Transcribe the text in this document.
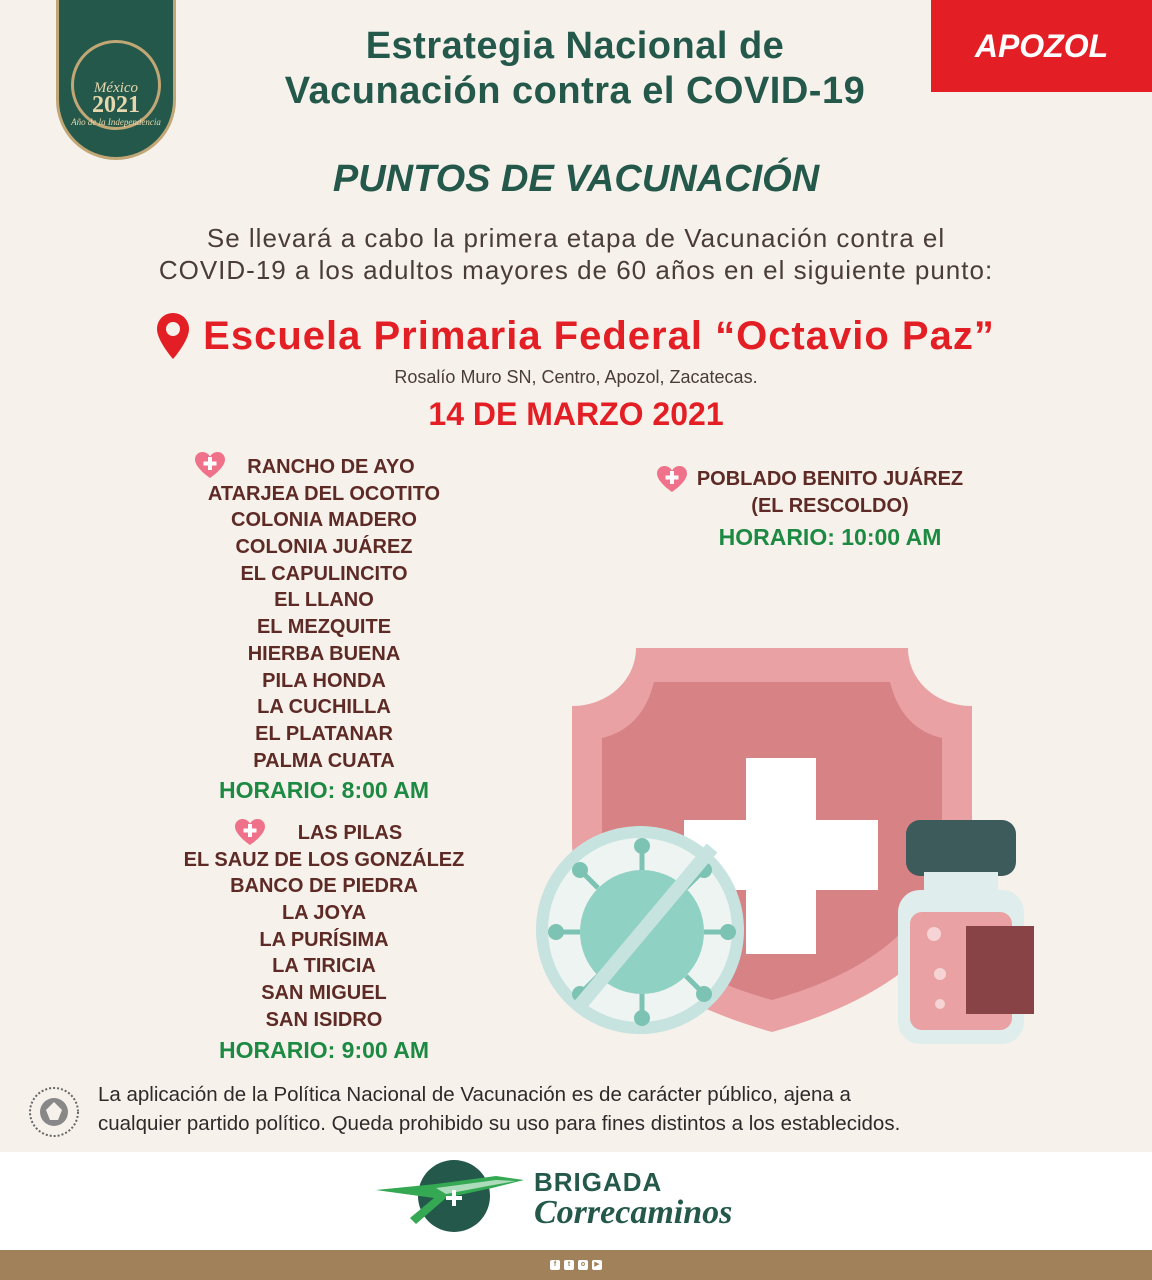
México
2021
Año de la Independencia
Estrategia Nacional de
Vacunación contra el COVID-19
APOZOL
PUNTOS DE VACUNACIÓN
Se llevará a cabo la primera etapa de Vacunación contra el
COVID-19 a los adultos mayores de 60 años en el siguiente punto:
Escuela Primaria Federal “Octavio Paz”
Rosalío Muro SN, Centro, Apozol, Zacatecas.
14 DE MARZO 2021
RANCHO DE AYO
ATARJEA DEL OCOTITO
COLONIA MADERO
COLONIA JUÁREZ
EL CAPULINCITO
EL LLANO
EL MEZQUITE
HIERBA BUENA
PILA HONDA
LA CUCHILLA
EL PLATANAR
PALMA CUATA
HORARIO: 8:00 AM
LAS PILAS
EL SAUZ DE LOS GONZÁLEZ
BANCO DE PIEDRA
LA JOYA
LA PURÍSIMA
LA TIRICIA
SAN MIGUEL
SAN ISIDRO
HORARIO: 9:00 AM
POBLADO BENITO JUÁREZ
(EL RESCOLDO)
HORARIO: 10:00 AM
La aplicación de la Política Nacional de Vacunación es de carácter público, ajena a
cualquier partido político. Queda prohibido su uso para fines distintos a los establecidos.
BRIGADA
Correcaminos
f	t	o	▶
